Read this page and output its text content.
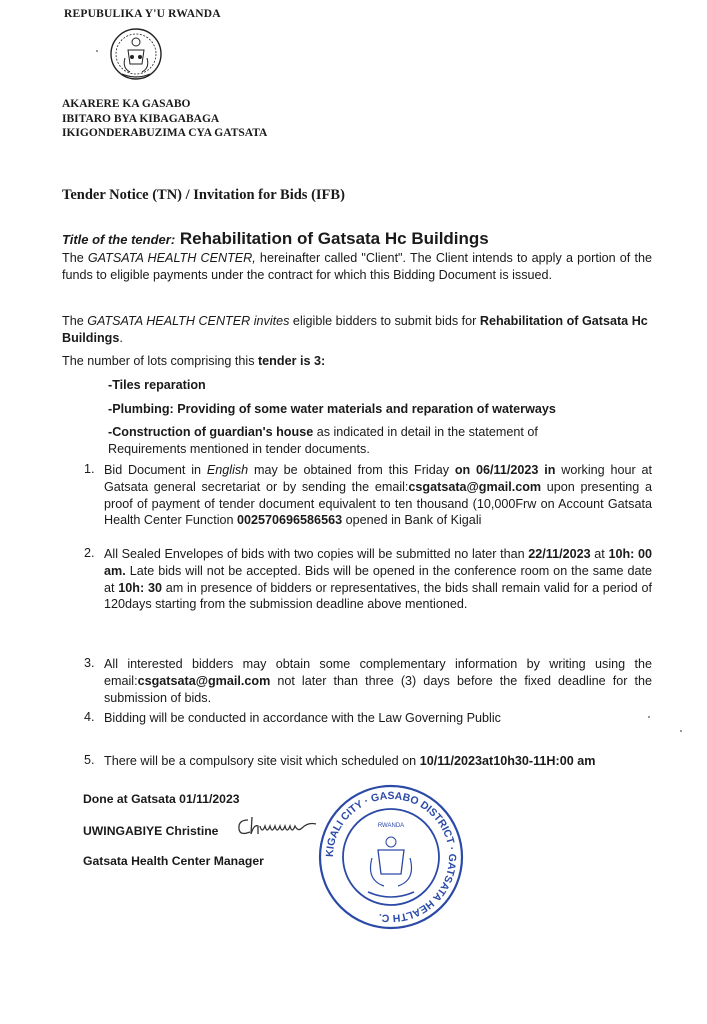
REPUBULIKA Y'U RWANDA
AKARERE KA GASABO
IBITARO BYA KIBAGABAGA
IKIGONDERABUZIMA CYA GATSATA
Tender Notice (TN) / Invitation for Bids (IFB)
Title of the tender: Rehabilitation of Gatsata Hc Buildings
The GATSATA HEALTH CENTER, hereinafter called "Client". The Client intends to apply a portion of the funds to eligible payments under the contract for which this Bidding Document is issued.
The GATSATA HEALTH CENTER invites eligible bidders to submit bids for Rehabilitation of Gatsata Hc Buildings.
The number of lots comprising this tender is 3:
-Tiles reparation
-Plumbing: Providing of some water materials and reparation of waterways
-Construction of guardian's house as indicated in detail in the statement of Requirements mentioned in tender documents.
1. Bid Document in English may be obtained from this Friday on 06/11/2023 in working hour at Gatsata general secretariat or by sending the email:csgatsata@gmail.com upon presenting a proof of payment of tender document equivalent to ten thousand (10,000Frw on Account Gatsata Health Center Function 002570696586563 opened in Bank of Kigali
2. All Sealed Envelopes of bids with two copies will be submitted no later than 22/11/2023 at 10h: 00 am. Late bids will not be accepted. Bids will be opened in the conference room on the same date at 10h: 30 am in presence of bidders or representatives, the bids shall remain valid for a period of 120days starting from the submission deadline above mentioned.
3. All interested bidders may obtain some complementary information by writing using the email:csgatsata@gmail.com not later than three (3) days before the fixed deadline for the submission of bids.
4. Bidding will be conducted in accordance with the Law Governing Public
5. There will be a compulsory site visit which scheduled on 10/11/2023at10h30-11H:00 am
Done at Gatsata 01/11/2023
UWINGABIYE Christine
Gatsata Health Center Manager
KIGALI CITY · GASABO DISTRICT · GATSATA HEALTH C.
RWANDA
